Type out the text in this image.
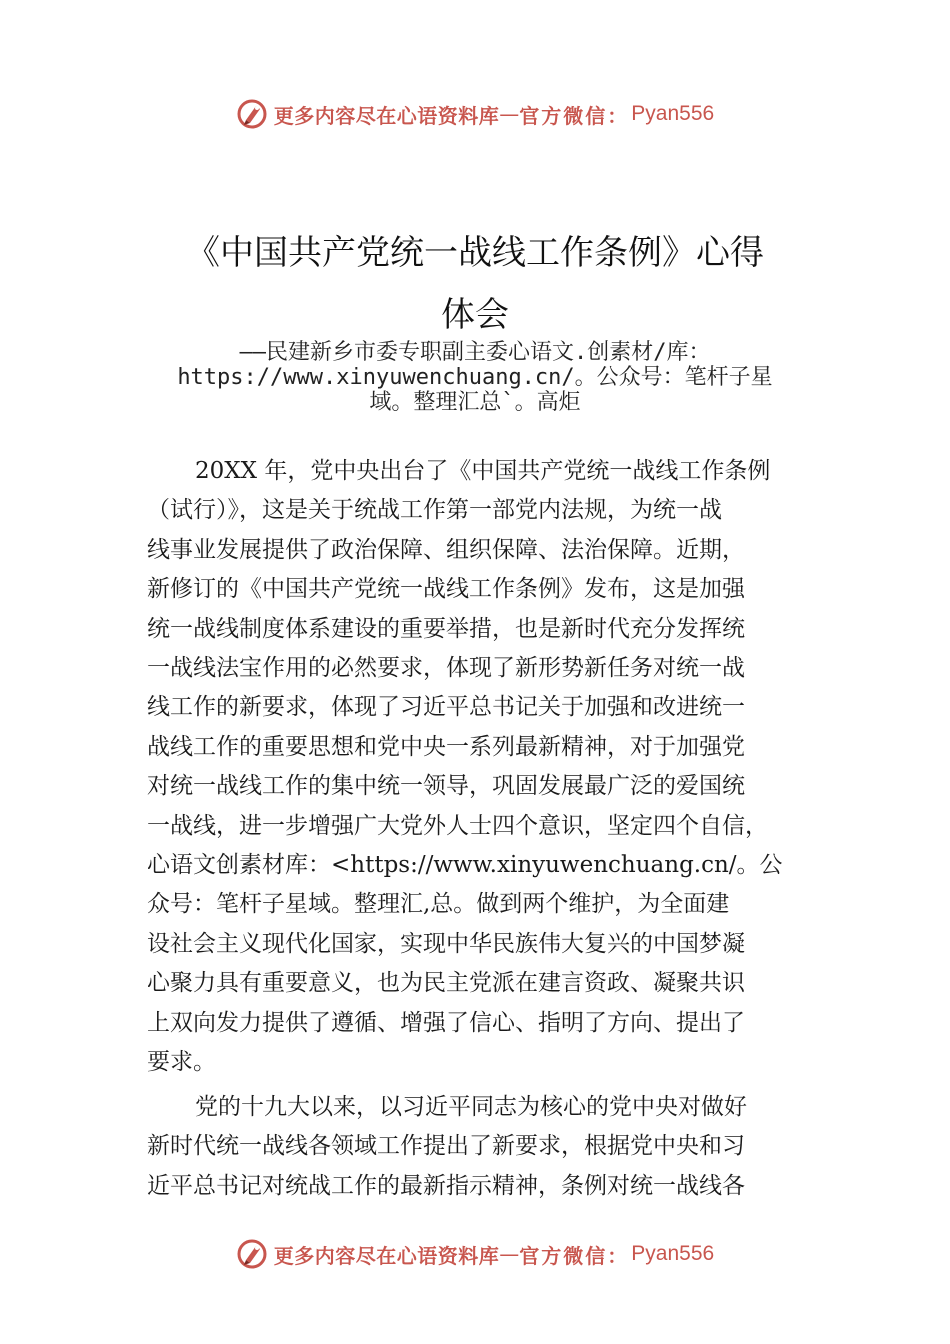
更多内容尽在心语资料库 — 官方微信： Pyan556
《中国共产党统一战线工作条例》心得
体会
——民建新乡市委专职副主委心语文.创素材/库：
https://www.xinyuwenchuang.cn/。公众号：笔杆子星
域。整理汇总`。高炬
20XX 年，党中央出台了《中国共产党统一战线工作条例
（试行）》，这是关于统战工作第一部党内法规，为统一战
线事业发展提供了政治保障、组织保障、法治保障。近期，
新修订的《中国共产党统一战线工作条例》发布，这是加强
统一战线制度体系建设的重要举措，也是新时代充分发挥统
一战线法宝作用的必然要求，体现了新形势新任务对统一战
线工作的新要求，体现了习近平总书记关于加强和改进统一
战线工作的重要思想和党中央一系列最新精神，对于加强党
对统一战线工作的集中统一领导，巩固发展最广泛的爱国统
一战线，进一步增强广大党外人士四个意识，坚定四个自信，
心语文创素材库：<https://www.xinyuwenchuang.cn/。公
众号：笔杆子星域。整理汇,总。做到两个维护，为全面建
设社会主义现代化国家，实现中华民族伟大复兴的中国梦凝
心聚力具有重要意义，也为民主党派在建言资政、凝聚共识
上双向发力提供了遵循、增强了信心、指明了方向、提出了
要求。
党的十九大以来，以习近平同志为核心的党中央对做好
新时代统一战线各领域工作提出了新要求，根据党中央和习
近平总书记对统战工作的最新指示精神，条例对统一战线各
更多内容尽在心语资料库 — 官方微信： Pyan556
